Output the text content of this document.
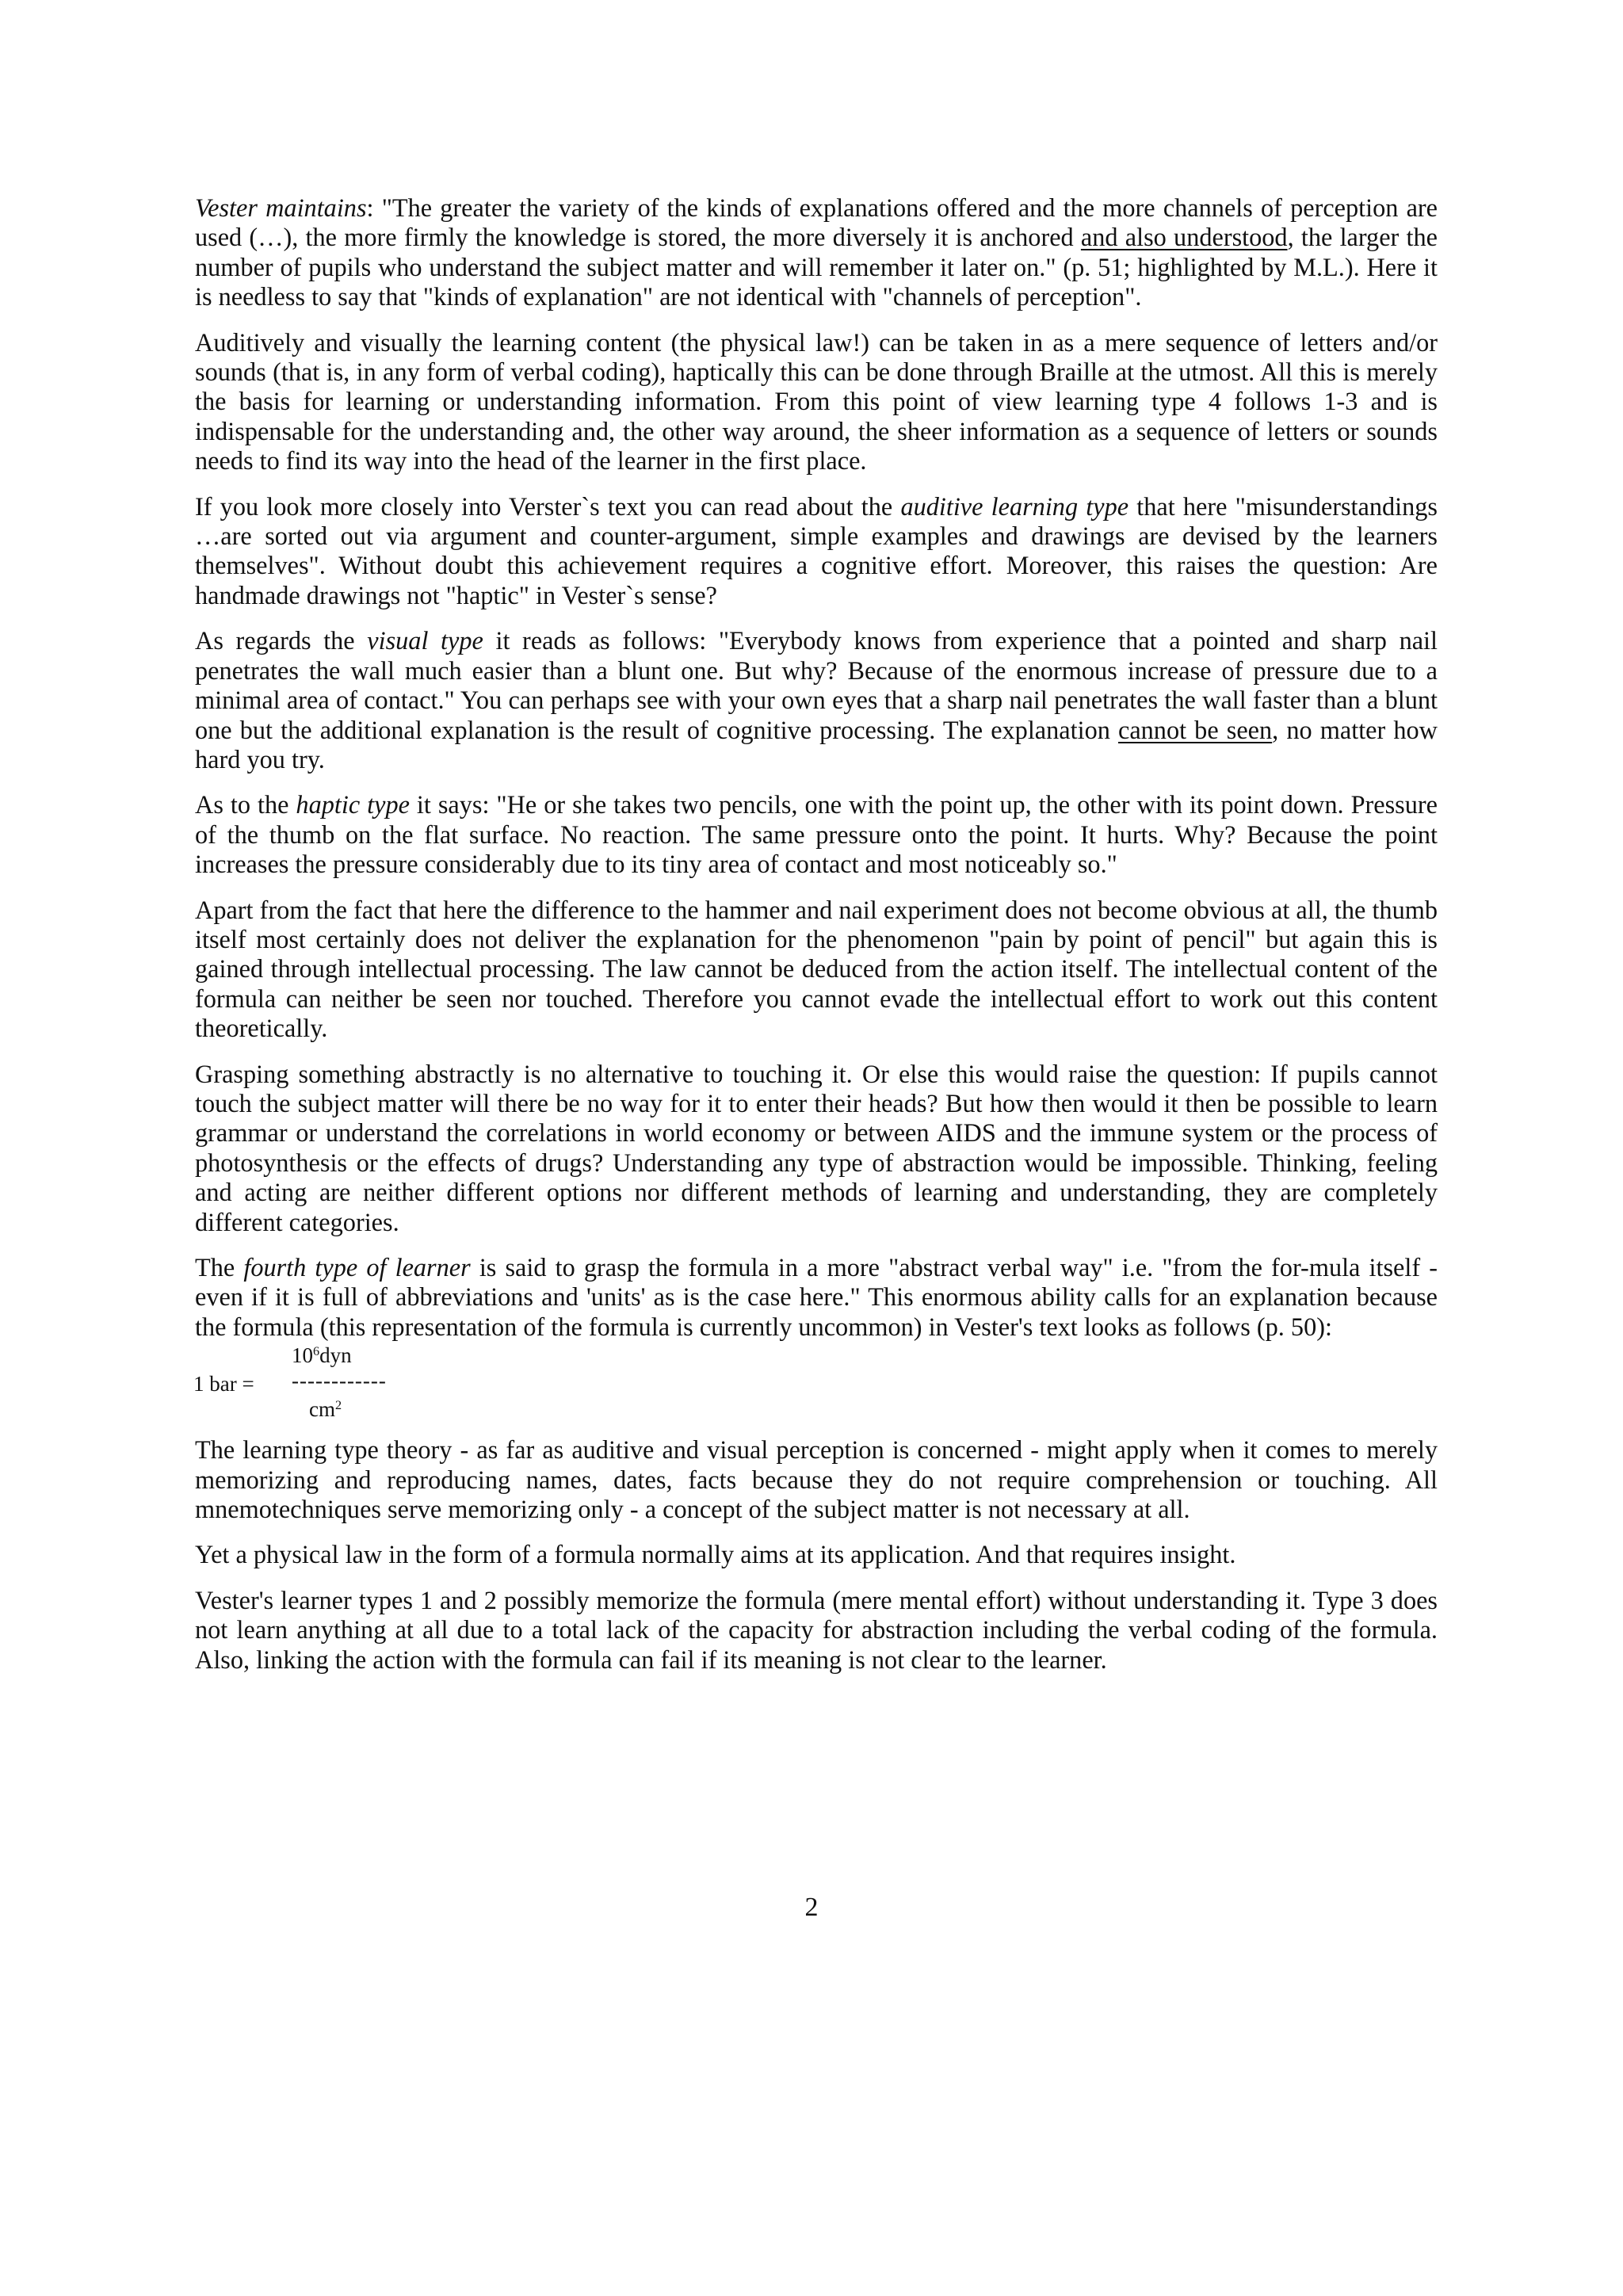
Vester maintains: "The greater the variety of the kinds of explanations offered and the more channels of perception are used (…), the more firmly the knowledge is stored, the more diversely it is anchored and also understood, the larger the number of pupils who understand the subject matter and will remember it later on." (p. 51; highlighted by M.L.). Here it is needless to say that "kinds of explanation" are not identical with "channels of perception".

Auditively and visually the learning content (the physical law!) can be taken in as a mere sequence of letters and/or sounds (that is, in any form of verbal coding), haptically this can be done through Braille at the utmost. All this is merely the basis for learning or understanding information. From this point of view learning type 4 follows 1-3 and is indispensable for the understanding and, the other way around, the sheer information as a sequence of letters or sounds needs to find its way into the head of the learner in the first place.

If you look more closely into Verster`s text you can read about the auditive learning type that here "misunderstandings …are sorted out via argument and counter-argument, simple examples and drawings are devised by the learners themselves". Without doubt this achievement requires a cognitive effort. Moreover, this raises the question: Are handmade drawings not "haptic" in Vester`s sense?

As regards the visual type it reads as follows: "Everybody knows from experience that a pointed and sharp nail penetrates the wall much easier than a blunt one. But why? Because of the enormous increase of pressure due to a minimal area of contact." You can perhaps see with your own eyes that a sharp nail penetrates the wall faster than a blunt one but the additional explanation is the result of cognitive processing. The explanation cannot be seen, no matter how hard you try.

As to the haptic type it says: "He or she takes two pencils, one with the point up, the other with its point down. Pressure of the thumb on the flat surface. No reaction. The same pressure onto the point. It hurts. Why? Because the point increases the pressure considerably due to its tiny area of contact and most noticeably so."

Apart from the fact that here the difference to the hammer and nail experiment does not become obvious at all, the thumb itself most certainly does not deliver the explanation for the phenomenon "pain by point of pencil" but again this is gained through intellectual processing. The law cannot be deduced from the action itself. The intellectual content of the formula can neither be seen nor touched. Therefore you cannot evade the intellectual effort to work out this content theoretically.

Grasping something abstractly is no alternative to touching it. Or else this would raise the question: If pupils cannot touch the subject matter will there be no way for it to enter their heads? But how then would it then be possible to learn grammar or understand the correlations in world economy or between AIDS and the immune system or the process of photosynthesis or the effects of drugs? Understanding any type of abstraction would be impossible. Thinking, feeling and acting are neither different options nor different methods of learning and understanding, they are completely different categories.

The fourth type of learner is said to grasp the formula in a more "abstract verbal way" i.e. "from the for-mula itself - even if it is full of abbreviations and 'units' as is the case here." This enormous ability calls for an explanation because the formula (this representation of the formula is currently uncommon) in Vester's text looks as follows (p. 50):

1 bar =
$10^6dyn$
------------
$cm^2$

The learning type theory - as far as auditive and visual perception is concerned - might apply when it comes to merely memorizing and reproducing names, dates, facts because they do not require comprehension or touching. All mnemotechniques serve memorizing only - a concept of the subject matter is not necessary at all.

Yet a physical law in the form of a formula normally aims at its application. And that requires insight.

Vester's learner types 1 and 2 possibly memorize the formula (mere mental effort) without understanding it. Type 3 does not learn anything at all due to a total lack of the capacity for abstraction including the verbal coding of the formula. Also, linking the action with the formula can fail if its meaning is not clear to the learner.

2
